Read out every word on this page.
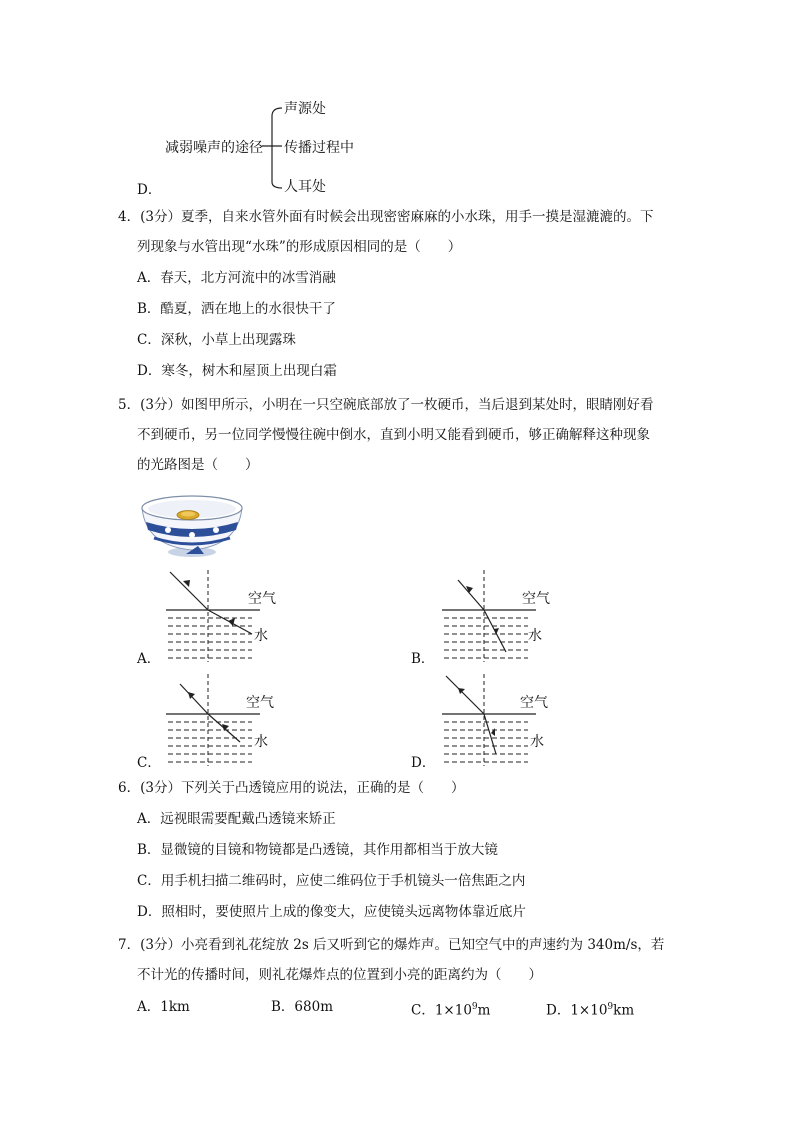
D．
减弱噪声的途径
声源处
传播过程中
人耳处
4．(3分）夏季，自来水管外面有时候会出现密密麻麻的小水珠，用手一摸是湿漉漉的。下
列现象与水管出现“水珠”的形成原因相同的是（　　）
A．春天，北方河流中的冰雪消融
B．酷夏，洒在地上的水很快干了
C．深秋，小草上出现露珠
D．寒冬，树木和屋顶上出现白霜
5．(3分）如图甲所示，小明在一只空碗底部放了一枚硬币，当后退到某处时，眼睛刚好看
不到硬币，另一位同学慢慢往碗中倒水，直到小明又能看到硬币，够正确解释这种现象
的光路图是（　　）
A．
空气
水
B．
空气
水
C．
空气
水
D．
空气
水
6．(3分）下列关于凸透镜应用的说法，正确的是（　　）
A．远视眼需要配戴凸透镜来矫正
B．显微镜的目镜和物镜都是凸透镜，其作用都相当于放大镜
C．用手机扫描二维码时，应使二维码位于手机镜头一倍焦距之内
D．照相时，要使照片上成的像变大，应使镜头远离物体靠近底片
7．(3分）小亮看到礼花绽放 2s 后又听到它的爆炸声。已知空气中的声速约为 340m/s，若
不计光的传播时间，则礼花爆炸点的位置到小亮的距离约为（　　）
A．1km	B．680m	C．$1\times 10^9m$	D．$1\times 10^9km$
